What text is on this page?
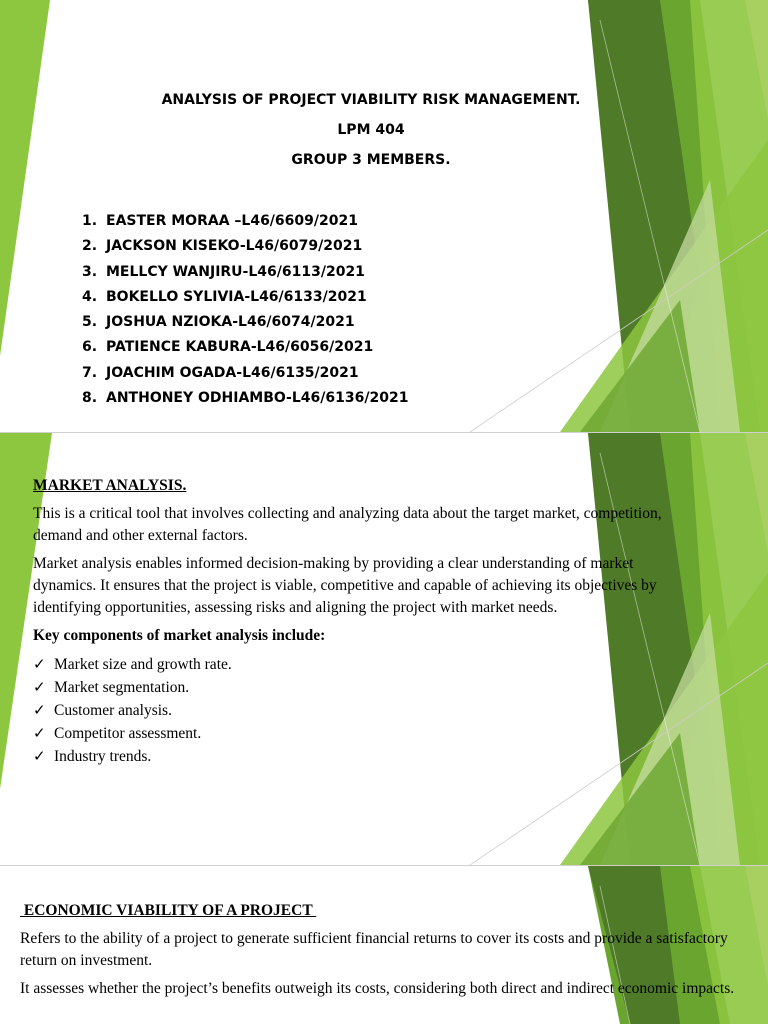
ANALYSIS OF PROJECT VIABILITY RISK MANAGEMENT.
LPM 404
GROUP 3 MEMBERS.
1. EASTER MORAA –L46/6609/2021
2. JACKSON KISEKO-L46/6079/2021
3. MELLCY WANJIRU-L46/6113/2021
4. BOKELLO SYLIVIA-L46/6133/2021
5. JOSHUA NZIOKA-L46/6074/2021
6. PATIENCE KABURA-L46/6056/2021
7. JOACHIM OGADA-L46/6135/2021
8. ANTHONEY ODHIAMBO-L46/6136/2021
MARKET ANALYSIS.
This is a critical tool that involves collecting and analyzing data about the target market, competition, demand and other external factors.
Market analysis enables informed decision-making by providing a clear understanding of market dynamics. It ensures that the project is viable, competitive and capable of achieving its objectives by identifying opportunities, assessing risks and aligning the project with market needs.
Key components of market analysis include:
✓ Market size and growth rate.
✓ Market segmentation.
✓ Customer analysis.
✓ Competitor assessment.
✓ Industry trends.
ECONOMIC VIABILITY OF A PROJECT
Refers to the ability of a project to generate sufficient financial returns to cover its costs and provide a satisfactory return on investment.
It assesses whether the project’s benefits outweigh its costs, considering both direct and indirect economic impacts.
